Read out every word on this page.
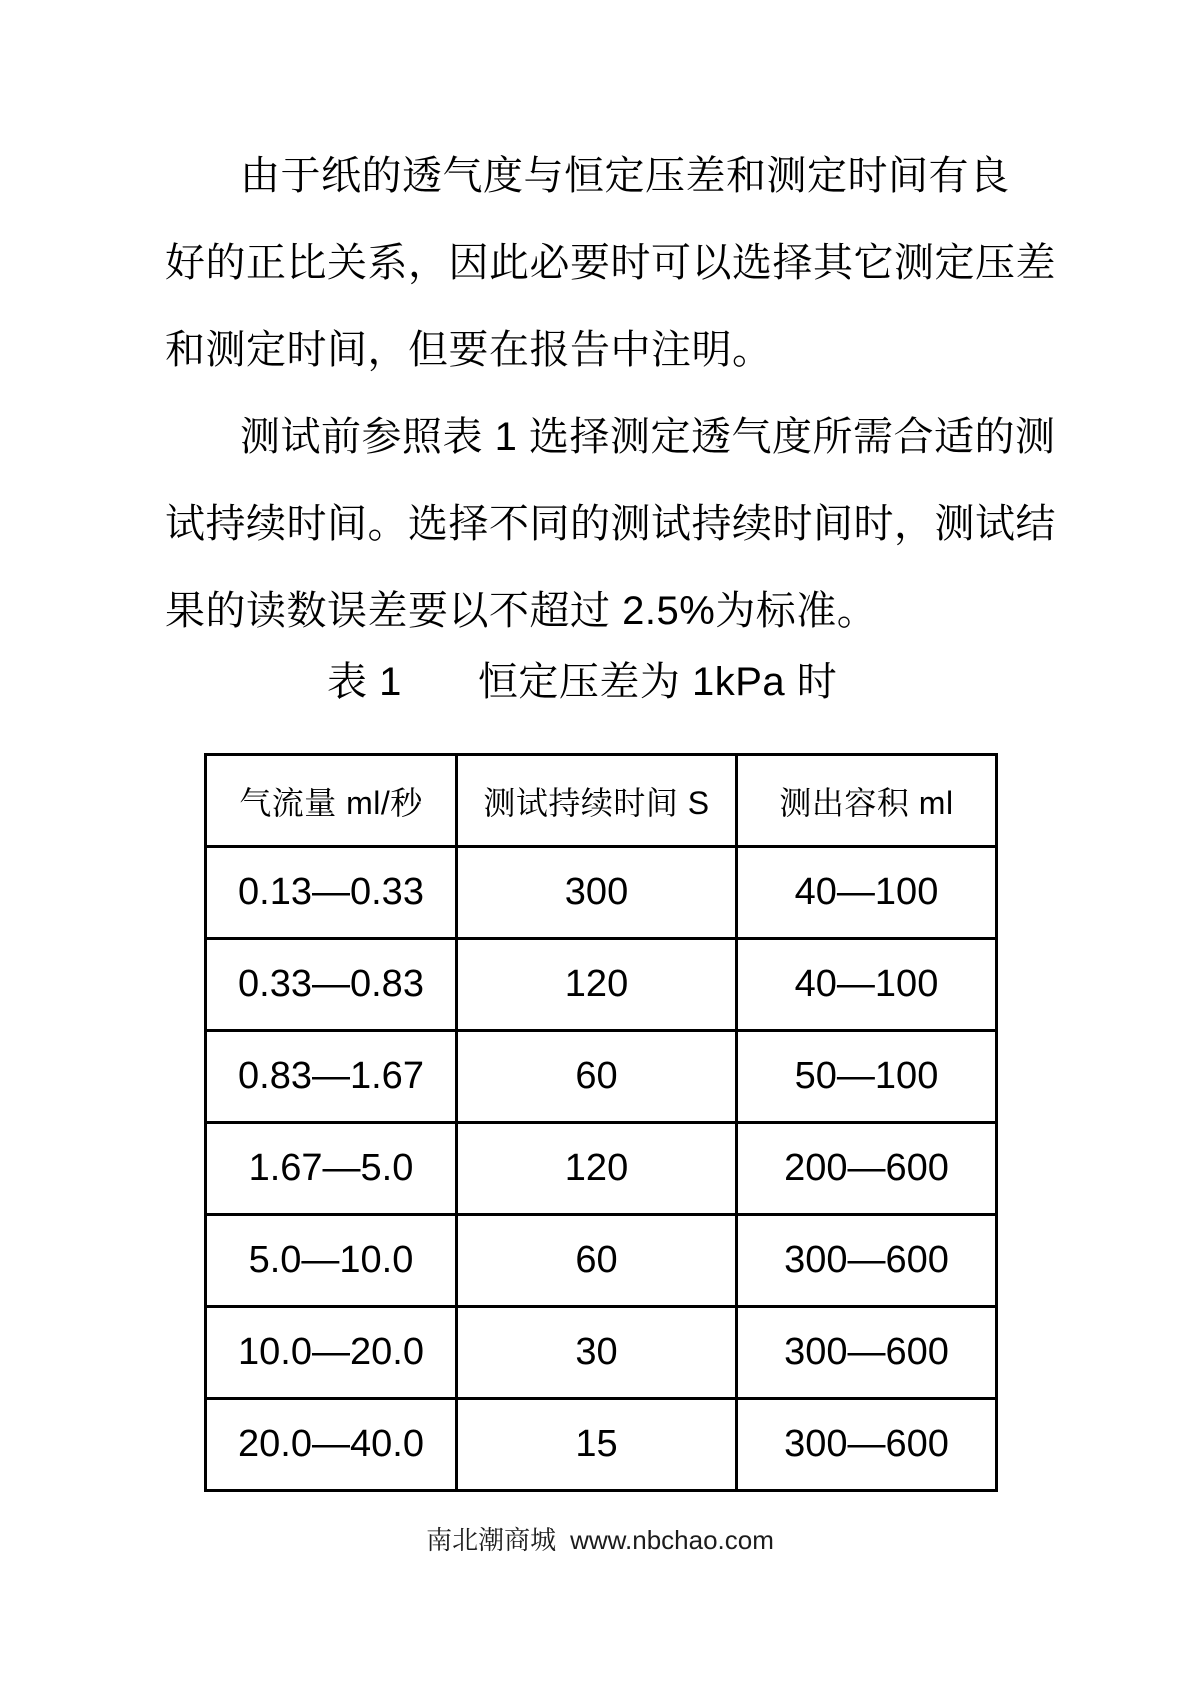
由于纸的透气度与恒定压差和测定时间有良
好的正比关系，因此必要时可以选择其它测定压差
和测定时间，但要在报告中注明。
测试前参照表 1 选择测定透气度所需合适的测
试持续时间。选择不同的测试持续时间时，测试结
果的读数误差要以不超过 2.5%为标准。
表 1 恒定压差为 1kPa 时
气流量 ml/秒	测试持续时间 S	测出容积 ml
0.13—0.33	300	40—100
0.33—0.83	120	40—100
0.83—1.67	60	50—100
1.67—5.0	120	200—600
5.0—10.0	60	300—600
10.0—20.0	30	300—600
20.0—40.0	15	300—600
南北潮商城 www.nbchao.com
